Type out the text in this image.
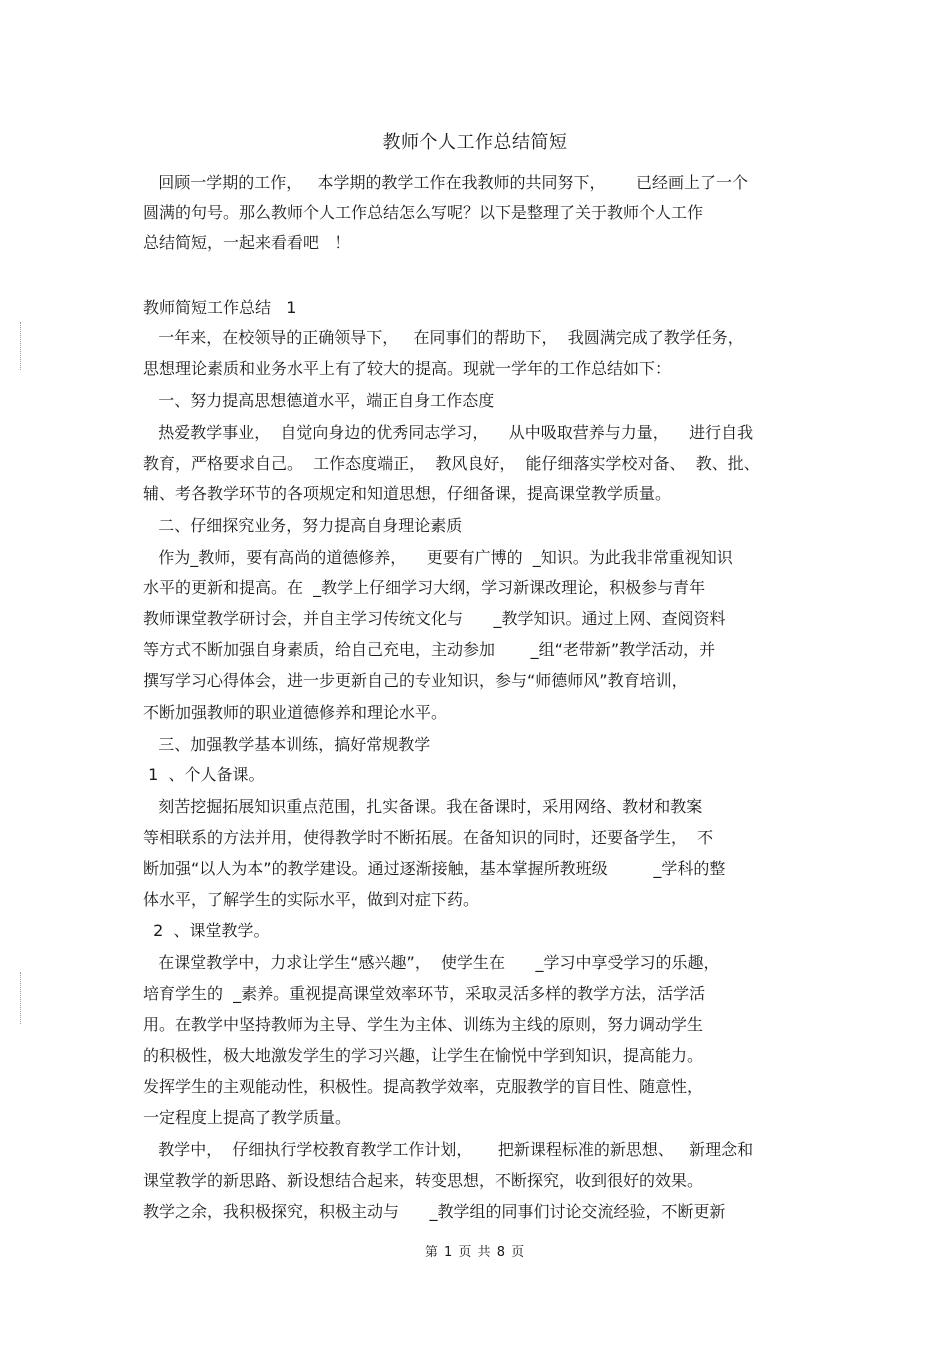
教师个人工作总结简短
回顾一学期的工作，   本学期的教学工作在我教师的共同努下，      已经画上了一个
圆满的句号。那么教师个人工作总结怎么写呢？以下是整理了关于教师个人工作
总结简短，一起来看看吧   ！
教师简短工作总结   1
一年来，在校领导的正确领导下，   在同事们的帮助下，  我圆满完成了教学任务，
思想理论素质和业务水平上有了较大的提高。现就一学年的工作总结如下：
一、努力提高思想德道水平，端正自身工作态度
热爱教学事业，  自觉向身边的优秀同志学习，    从中吸取营养与力量，    进行自我
教育，严格要求自己。  工作态度端正，  教风良好，  能仔细落实学校对备、  教、批、
辅、考各教学环节的各项规定和知道思想，仔细备课，提高课堂教学质量。
二、仔细探究业务，努力提高自身理论素质
作为_教师，要有高尚的道德修养，    更要有广博的  _知识。为此我非常重视知识
水平的更新和提高。在  _教学上仔细学习大纲，学习新课改理论，积极参与青年
教师课堂教学研讨会，并自主学习传统文化与      _教学知识。通过上网、查阅资料
等方式不断加强自身素质，给自己充电，主动参加       _组“老带新”教学活动，并
撰写学习心得体会，进一步更新自己的专业知识，参与“师德师风”教育培训，
不断加强教师的职业道德修养和理论水平。
三、加强教学基本训练，搞好常规教学
1  、个人备课。
刻苦挖掘拓展知识重点范围，扎实备课。我在备课时，采用网络、教材和教案
等相联系的方法并用，使得教学时不断拓展。在备知识的同时，还要备学生，  不
断加强“以人为本”的教学建设。通过逐渐接触，基本掌握所教班级         _学科的整
体水平，了解学生的实际水平，做到对症下药。
2  、课堂教学。
在课堂教学中，力求让学生“感兴趣”，  使学生在      _学习中享受学习的乐趣，
培育学生的  _素养。重视提高课堂效率环节，采取灵活多样的教学方法，活学活
用。在教学中坚持教师为主导、学生为主体、训练为主线的原则，努力调动学生
的积极性，极大地激发学生的学习兴趣，让学生在愉悦中学到知识，提高能力。
发挥学生的主观能动性，积极性。提高教学效率，克服教学的盲目性、随意性，
一定程度上提高了教学质量。
教学中，  仔细执行学校教育教学工作计划，     把新课程标准的新思想、   新理念和
课堂教学的新思路、新设想结合起来，转变思想，不断探究，收到很好的效果。
教学之余，我积极探究，积极主动与      _教学组的同事们讨论交流经验，不断更新
第 1 页 共 8 页
